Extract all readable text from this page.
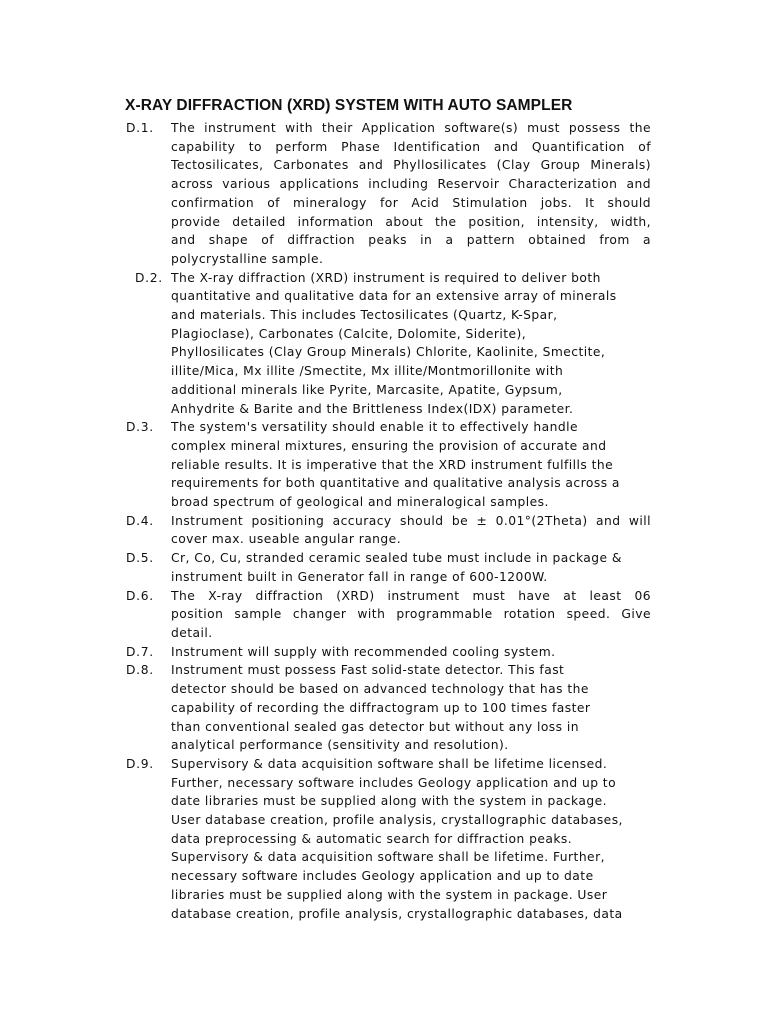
X-RAY DIFFRACTION (XRD) SYSTEM WITH AUTO SAMPLER
D.1. The instrument with their Application software(s) must possess the
capability to perform Phase Identification and Quantification of
Tectosilicates, Carbonates and Phyllosilicates (Clay Group Minerals)
across various applications including Reservoir Characterization and
confirmation of mineralogy for Acid Stimulation jobs. It should
provide detailed information about the position, intensity, width,
and shape of diffraction peaks in a pattern obtained from a
polycrystalline sample.
D.2. The X-ray diffraction (XRD) instrument is required to deliver both
quantitative and qualitative data for an extensive array of minerals
and materials. This includes Tectosilicates (Quartz, K-Spar,
Plagioclase), Carbonates (Calcite, Dolomite, Siderite),
Phyllosilicates (Clay Group Minerals) Chlorite, Kaolinite, Smectite,
illite/Mica, Mx illite /Smectite, Mx illite/Montmorillonite with
additional minerals like Pyrite, Marcasite, Apatite, Gypsum,
Anhydrite & Barite and the Brittleness Index(IDX) parameter.
D.3. The system's versatility should enable it to effectively handle
complex mineral mixtures, ensuring the provision of accurate and
reliable results. It is imperative that the XRD instrument fulfills the
requirements for both quantitative and qualitative analysis across a
broad spectrum of geological and mineralogical samples.
D.4. Instrument positioning accuracy should be ± 0.01°(2Theta) and will
cover max. useable angular range.
D.5. Cr, Co, Cu, stranded ceramic sealed tube must include in package &
instrument built in Generator fall in range of 600-1200W.
D.6. The X-ray diffraction (XRD) instrument must have at least 06
position sample changer with programmable rotation speed. Give
detail.
D.7. Instrument will supply with recommended cooling system.
D.8. Instrument must possess Fast solid-state detector. This fast
detector should be based on advanced technology that has the
capability of recording the diffractogram up to 100 times faster
than conventional sealed gas detector but without any loss in
analytical performance (sensitivity and resolution).
D.9. Supervisory & data acquisition software shall be lifetime licensed.
Further, necessary software includes Geology application and up to
date libraries must be supplied along with the system in package.
User database creation, profile analysis, crystallographic databases,
data preprocessing & automatic search for diffraction peaks.
Supervisory & data acquisition software shall be lifetime. Further,
necessary software includes Geology application and up to date
libraries must be supplied along with the system in package. User
database creation, profile analysis, crystallographic databases, data
